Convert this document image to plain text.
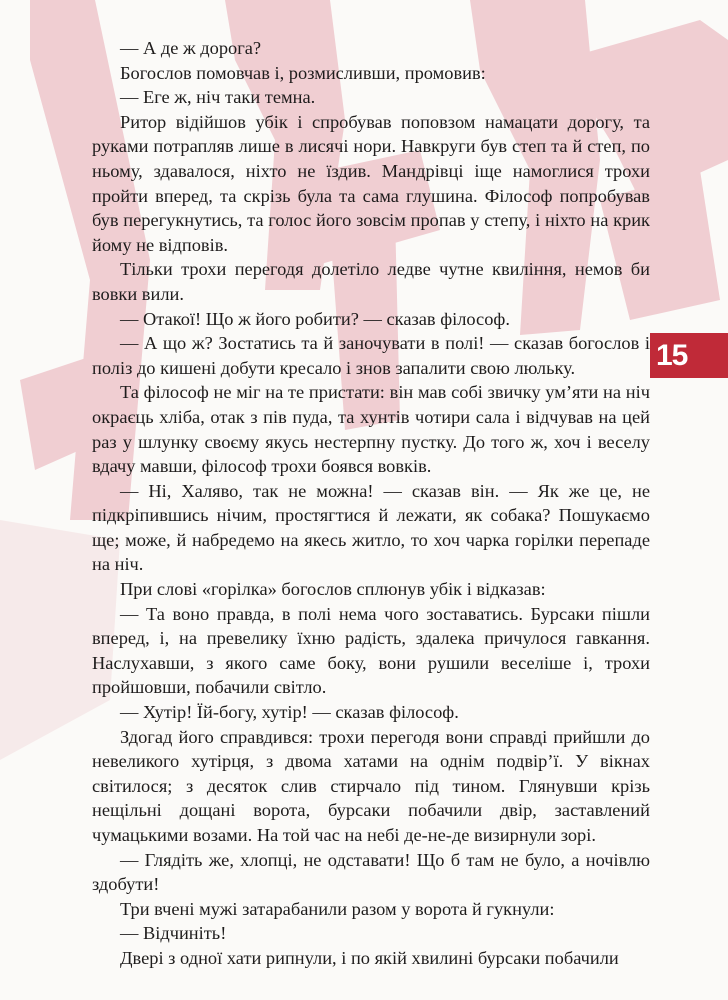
— А де ж дорога?

Богослов помовчав і, розмисливши, промовив:

— Еге ж, ніч таки темна.

Ритор відійшов убік і спробував поповзом намацати дорогу, та руками потрапляв лише в лисячі нори. Навкруги був степ та й степ, по ньому, здавалося, ніхто не їздив. Мандрівці іще намоглися трохи пройти вперед, та скрізь була та сама глушина. Філософ попробував був перегукнутись, та голос його зовсім пропав у степу, і ніхто на крик йому не відповів.

Тільки трохи перегодя долетіло ледве чутне квиління, немов би вовки вили.

— Отакої! Що ж його робити? — сказав філософ.

— А що ж? Зостатись та й заночувати в полі! — сказав богослов і поліз до кишені добути кресало і знов запалити свою люльку.

Та філософ не міг на те пристати: він мав собі звичку ум’яти на ніч окраєць хліба, отак з пів пуда, та хунтів чотири сала і відчував на цей раз у шлунку своєму якусь нестерпну пустку. До того ж, хоч і веселу вдачу мавши, філософ трохи боявся вовків.

— Ні, Халяво, так не можна! — сказав він. — Як же це, не підкріпившись нічим, простягтися й лежати, як собака? Пошукаємо ще; може, й набредемо на якесь житло, то хоч чарка горілки перепаде на ніч.

При слові «горілка» богослов сплюнув убік і відказав:

— Та воно правда, в полі нема чого зоставатись. Бурсаки пішли вперед, і, на превелику їхню радість, здалека причулося гавкання. Наслухавши, з якого саме боку, вони рушили веселіше і, трохи пройшовши, побачили світло.

— Хутір! Їй-богу, хутір! — сказав філософ.

Здогад його справдився: трохи перегодя вони справді прийшли до невеликого хутірця, з двома хатами на однім подвір’ї. У вікнах світилося; з десяток слив стирчало під тином. Глянувши крізь нещільні дощані ворота, бурсаки побачили двір, заставлений чумацькими возами. На той час на небі де-не-де визирнули зорі.

— Глядіть же, хлопці, не одставати! Що б там не було, а ночівлю здобути!

Три вчені мужі затарабанили разом у ворота й гукнули:

— Відчиніть!

Двері з одної хати рипнули, і по якій хвилині бурсаки побачили

15
